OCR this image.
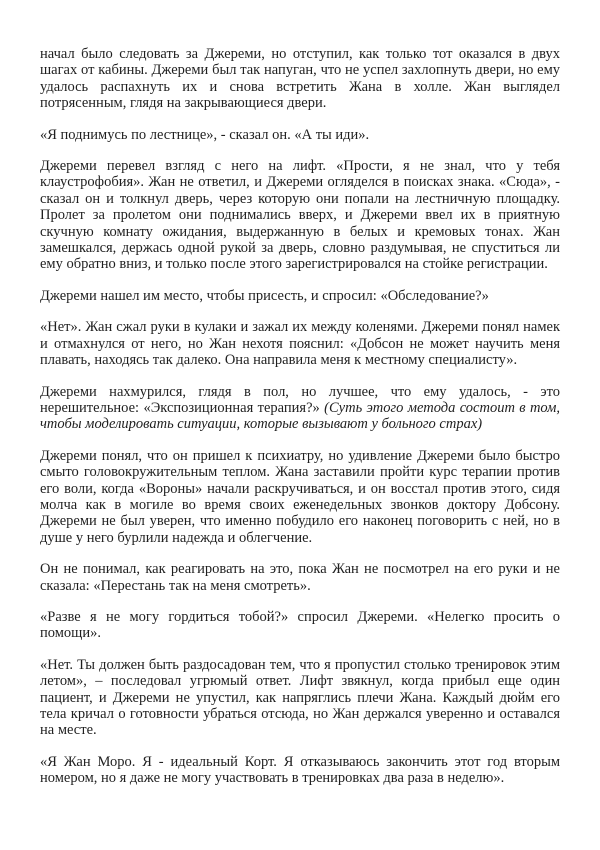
начал было следовать за Джереми, но отступил, как только тот оказался в двух шагах от кабины. Джереми был так напуган, что не успел захлопнуть двери, но ему удалось распахнуть их и снова встретить Жана в холле. Жан выглядел потрясенным, глядя на закрывающиеся двери.

«Я поднимусь по лестнице», - сказал он. «А ты иди».

Джереми перевел взгляд с него на лифт. «Прости, я не знал, что у тебя клаустрофобия». Жан не ответил, и Джереми огляделся в поисках знака. «Сюда», - сказал он и толкнул дверь, через которую они попали на лестничную площадку. Пролет за пролетом они поднимались вверх, и Джереми ввел их в приятную скучную комнату ожидания, выдержанную в белых и кремовых тонах. Жан замешкался, держась одной рукой за дверь, словно раздумывая, не спуститься ли ему обратно вниз, и только после этого зарегистрировался на стойке регистрации.

Джереми нашел им место, чтобы присесть, и спросил: «Обследование?»

«Нет». Жан сжал руки в кулаки и зажал их между коленями. Джереми понял намек и отмахнулся от него, но Жан нехотя пояснил: «Добсон не может научить меня плавать, находясь так далеко. Она направила меня к местному специалисту».

Джереми нахмурился, глядя в пол, но лучшее, что ему удалось, - это нерешительное: «Экспозиционная терапия?» (Суть этого метода состоит в том, чтобы моделировать ситуации, которые вызывают у больного страх)

Джереми понял, что он пришел к психиатру, но удивление Джереми было быстро смыто головокружительным теплом. Жана заставили пройти курс терапии против его воли, когда «Вороны» начали раскручиваться, и он восстал против этого, сидя молча как в могиле во время своих еженедельных звонков доктору Добсону. Джереми не был уверен, что именно побудило его наконец поговорить с ней, но в душе у него бурлили надежда и облегчение.

Он не понимал, как реагировать на это, пока Жан не посмотрел на его руки и не сказала: «Перестань так на меня смотреть».

«Разве я не могу гордиться тобой?» спросил Джереми. «Нелегко просить о помощи».

«Нет. Ты должен быть раздосадован тем, что я пропустил столько тренировок этим летом», – последовал угрюмый ответ. Лифт звякнул, когда прибыл еще один пациент, и Джереми не упустил, как напряглись плечи Жана. Каждый дюйм его тела кричал о готовности убраться отсюда, но Жан держался уверенно и оставался на месте.

«Я Жан Моро. Я - идеальный Корт. Я отказываюсь закончить этот год вторым номером, но я даже не могу участвовать в тренировках два раза в неделю».
